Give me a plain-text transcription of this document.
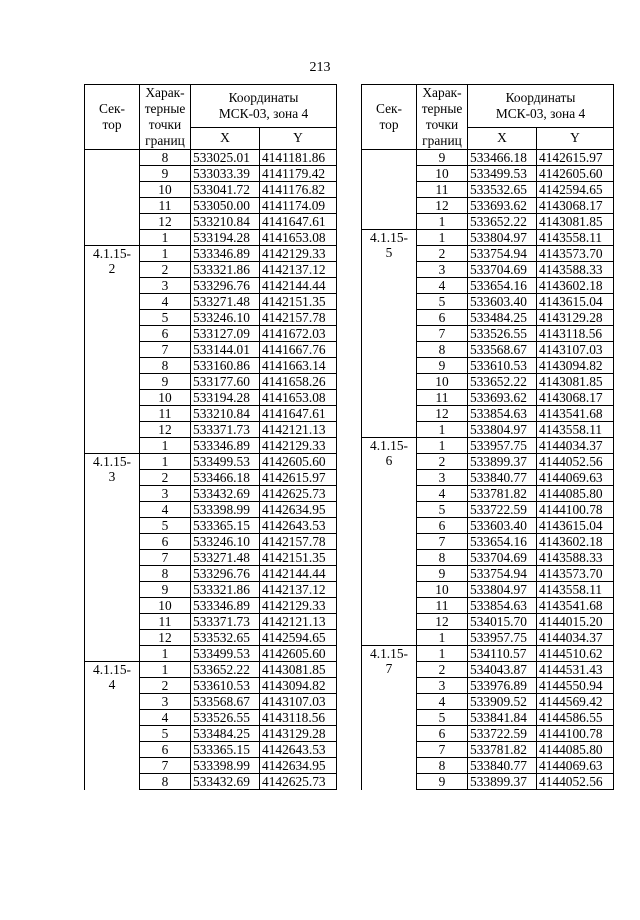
213
Сек-
тор	Харак-
терные
точки
границ	Координаты
МСК-03, зона 4	
		X	Y
	8	533025.01	4141181.86
	9	533033.39	4141179.42
	10	533041.72	4141176.82
	11	533050.00	4141174.09
	12	533210.84	4141647.61
	1	533194.28	4141653.08
4.1.15-
2	1	533346.89	4142129.33
	2	533321.86	4142137.12
	3	533296.76	4142144.44
	4	533271.48	4142151.35
	5	533246.10	4142157.78
	6	533127.09	4141672.03
	7	533144.01	4141667.76
	8	533160.86	4141663.14
	9	533177.60	4141658.26
	10	533194.28	4141653.08
	11	533210.84	4141647.61
	12	533371.73	4142121.13
	1	533346.89	4142129.33
4.1.15-
3	1	533499.53	4142605.60
	2	533466.18	4142615.97
	3	533432.69	4142625.73
	4	533398.99	4142634.95
	5	533365.15	4142643.53
	6	533246.10	4142157.78
	7	533271.48	4142151.35
	8	533296.76	4142144.44
	9	533321.86	4142137.12
	10	533346.89	4142129.33
	11	533371.73	4142121.13
	12	533532.65	4142594.65
	1	533499.53	4142605.60
4.1.15-
4	1	533652.22	4143081.85
	2	533610.53	4143094.82
	3	533568.67	4143107.03
	4	533526.55	4143118.56
	5	533484.25	4143129.28
	6	533365.15	4142643.53
	7	533398.99	4142634.95
	8	533432.69	4142625.73
Сек-
тор	Харак-
терные
точки
границ	Координаты
МСК-03, зона 4	
		X	Y
	9	533466.18	4142615.97
	10	533499.53	4142605.60
	11	533532.65	4142594.65
	12	533693.62	4143068.17
	1	533652.22	4143081.85
4.1.15-
5	1	533804.97	4143558.11
	2	533754.94	4143573.70
	3	533704.69	4143588.33
	4	533654.16	4143602.18
	5	533603.40	4143615.04
	6	533484.25	4143129.28
	7	533526.55	4143118.56
	8	533568.67	4143107.03
	9	533610.53	4143094.82
	10	533652.22	4143081.85
	11	533693.62	4143068.17
	12	533854.63	4143541.68
	1	533804.97	4143558.11
4.1.15-
6	1	533957.75	4144034.37
	2	533899.37	4144052.56
	3	533840.77	4144069.63
	4	533781.82	4144085.80
	5	533722.59	4144100.78
	6	533603.40	4143615.04
	7	533654.16	4143602.18
	8	533704.69	4143588.33
	9	533754.94	4143573.70
	10	533804.97	4143558.11
	11	533854.63	4143541.68
	12	534015.70	4144015.20
	1	533957.75	4144034.37
4.1.15-
7	1	534110.57	4144510.62
	2	534043.87	4144531.43
	3	533976.89	4144550.94
	4	533909.52	4144569.42
	5	533841.84	4144586.55
	6	533722.59	4144100.78
	7	533781.82	4144085.80
	8	533840.77	4144069.63
	9	533899.37	4144052.56
